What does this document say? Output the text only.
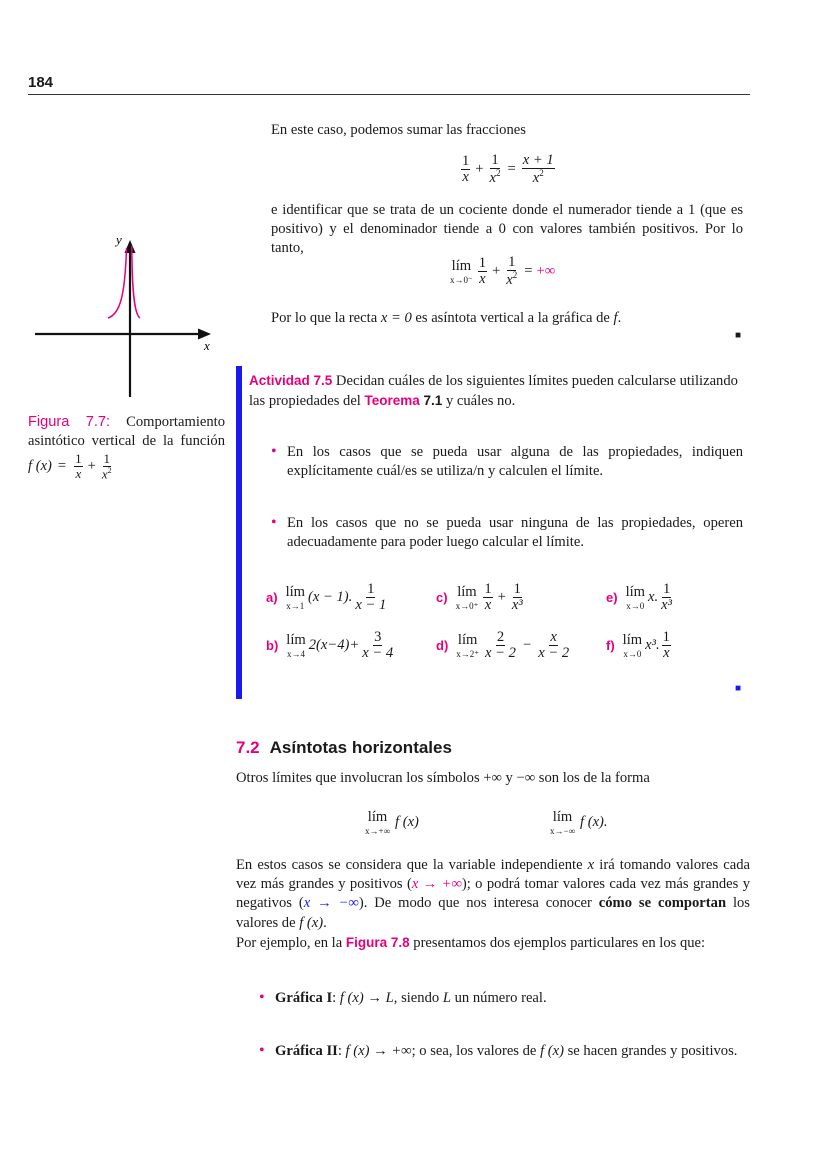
184

En este caso, podemos sumar las fracciones

$\frac{1}{x} + \frac{1}{x^2} = \frac{x + 1}{x^2}$

e identificar que se trata de un cociente donde el numerador tiende a 1 (que es positivo) y el denominador tiende a 0 con valores también positivos. Por lo tanto,

lím
$x\to 0^- \frac{1}{x} + \frac{1}{x^2}$ = +∞

Por lo que la recta x = 0 es asíntota vertical a la gráfica de f.

■
y
x
Figura 7.7: Comportamiento asintótico vertical de la función
f $(x) = \frac{1}{x} + \frac{1}{x^2}$

Actividad 7.5 Decidan cuáles de los siguientes límites pueden calcularse utilizando las propiedades del Teorema 7.1 y cuáles no.

• En los casos que se pueda usar alguna de las propiedades, indiquen explícitamente cuál/es se utiliza/n y calculen el límite.
• En los casos que no se pueda usar ninguna de las propiedades, operen adecuadamente para poder luego calcular el límite.
a) lím
x→1
(x − 1). $\frac{1}{x - 1}$
b) lím
x→4
$2(x-4)+ \frac{3}{x - 4}$
c) lím
$x\to 0^+ \frac{1}{x} + \frac{1}{\text{x³}}$
d) lím
$x\to 2^+ \frac{2}{x - 2} - \frac{x}{x - 2}$
e) lím
x→0
x. $\frac{1}{\text{x³}}$
f) lím
x→0
x³. $\frac{1}{x}$
■
7.2 Asíntotas horizontales

Otros límites que involucran los símbolos +∞ y −∞ son los de la forma

lím
x→+∞
f (x)	lím
x→−∞
f (x).

En estos casos se considera que la variable independiente x irá tomando valores cada vez más grandes y positivos (x → +∞); o podrá tomar valores cada vez más grandes y negativos (x → −∞). De modo que nos interesa conocer cómo se comportan los valores de f (x).
Por ejemplo, en la Figura 7.8 presentamos dos ejemplos particulares en los que:

• Gráfica I: f (x) → L, siendo L un número real.
• Gráfica II: f (x) → +∞; o sea, los valores de f (x) se hacen grandes y positivos.
